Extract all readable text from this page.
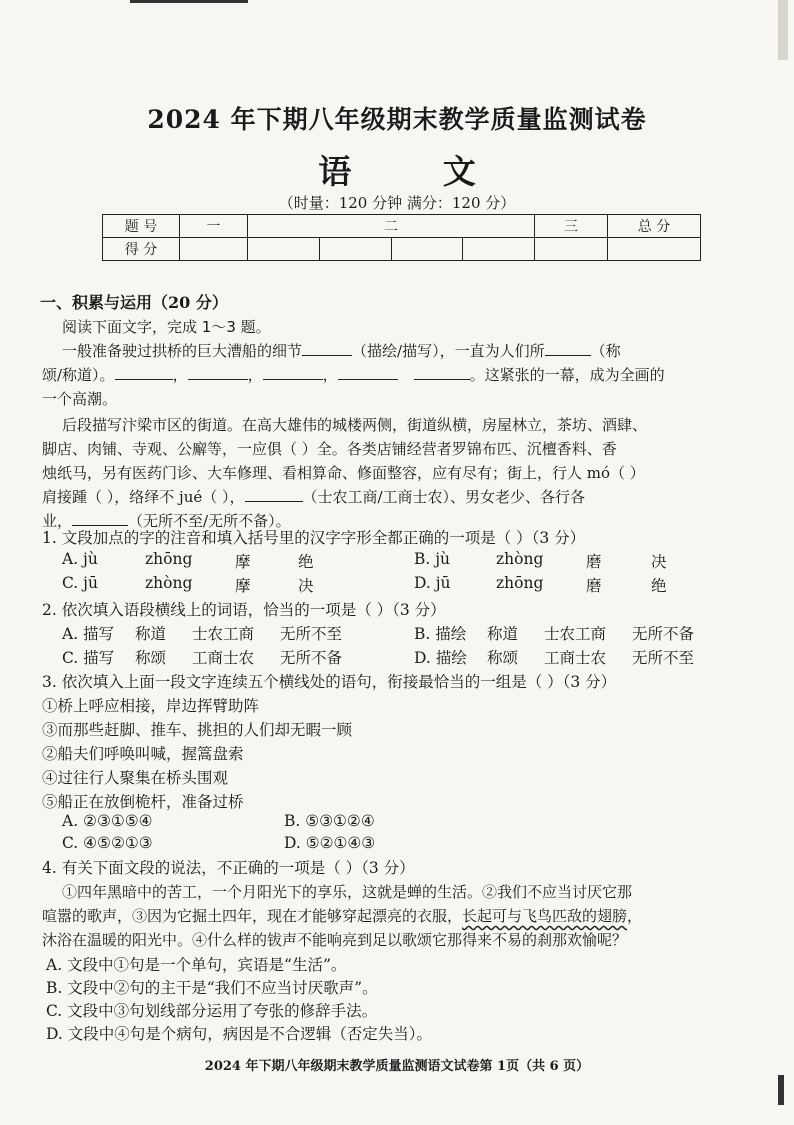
2024 年下期八年级期末教学质量监测试卷
语 文
（时量：120 分钟 满分：120 分）
题 号	一	二				三	总 分
得 分							
一、积累与运用（20 分）
阅读下面文字，完成 1～3 题。
一般准备驶过拱桥的巨大漕船的细节	（描绘/描写），一直为人们所	（称
颂/称道）。	，	，	，	。这紧张的一幕，成为全画的
一个高潮。
后段描写汴梁市区的街道。在高大雄伟的城楼两侧，街道纵横，房屋林立，茶坊、酒肆、
脚店、肉铺、寺观、公廨等，一应俱（ ）全。各类店铺经营者罗锦布匹、沉檀香料、香
烛纸马，另有医药门诊、大车修理、看相算命、修面整容，应有尽有；街上，行人 mó（ ）
肩接踵（ ），络绎不 jué（ ），	（士农工商/工商士农）、男女老少、各行各
业，	（无所不至/无所不备）。
1. 文段加点的字的注音和填入括号里的汉字字形全都正确的一项是（ ）（3 分）
A. jù	zhōng	摩	绝	B. jù	zhòng	磨	决
C. jū	zhòng	摩	决	D. jū	zhōng	磨	绝
2. 依次填入语段横线上的词语，恰当的一项是（ ）（3 分）
A. 描写 称道 士农工商 无所不至	B. 描绘 称道 士农工商 无所不备
C. 描写 称颂 工商士农 无所不备	D. 描绘 称颂 工商士农 无所不至
3. 依次填入上面一段文字连续五个横线处的语句，衔接最恰当的一组是（ ）（3 分）
①桥上呼应相接，岸边挥臂助阵
③而那些赶脚、推车、挑担的人们却无暇一顾
②船夫们呼唤叫喊，握篙盘索
④过往行人聚集在桥头围观
⑤船正在放倒桅杆，准备过桥
A. ②③①⑤④	B. ⑤③①②④
C. ④⑤②①③	D. ⑤②①④③
4. 有关下面文段的说法，不正确的一项是（ ）（3 分）
①四年黑暗中的苦工，一个月阳光下的享乐，这就是蝉的生活。②我们不应当讨厌它那
喧嚣的歌声，③因为它掘土四年，现在才能够穿起漂亮的衣服，长起可与飞鸟匹敌的翅膀，
沐浴在温暖的阳光中。④什么样的钹声不能响亮到足以歌颂它那得来不易的刹那欢愉呢？
A. 文段中①句是一个单句，宾语是“生活”。
B. 文段中②句的主干是“我们不应当讨厌歌声”。
C. 文段中③句划线部分运用了夸张的修辞手法。
D. 文段中④句是个病句，病因是不合逻辑（否定失当）。
2024 年下期八年级期末教学质量监测语文试卷第 1页（共 6 页）
